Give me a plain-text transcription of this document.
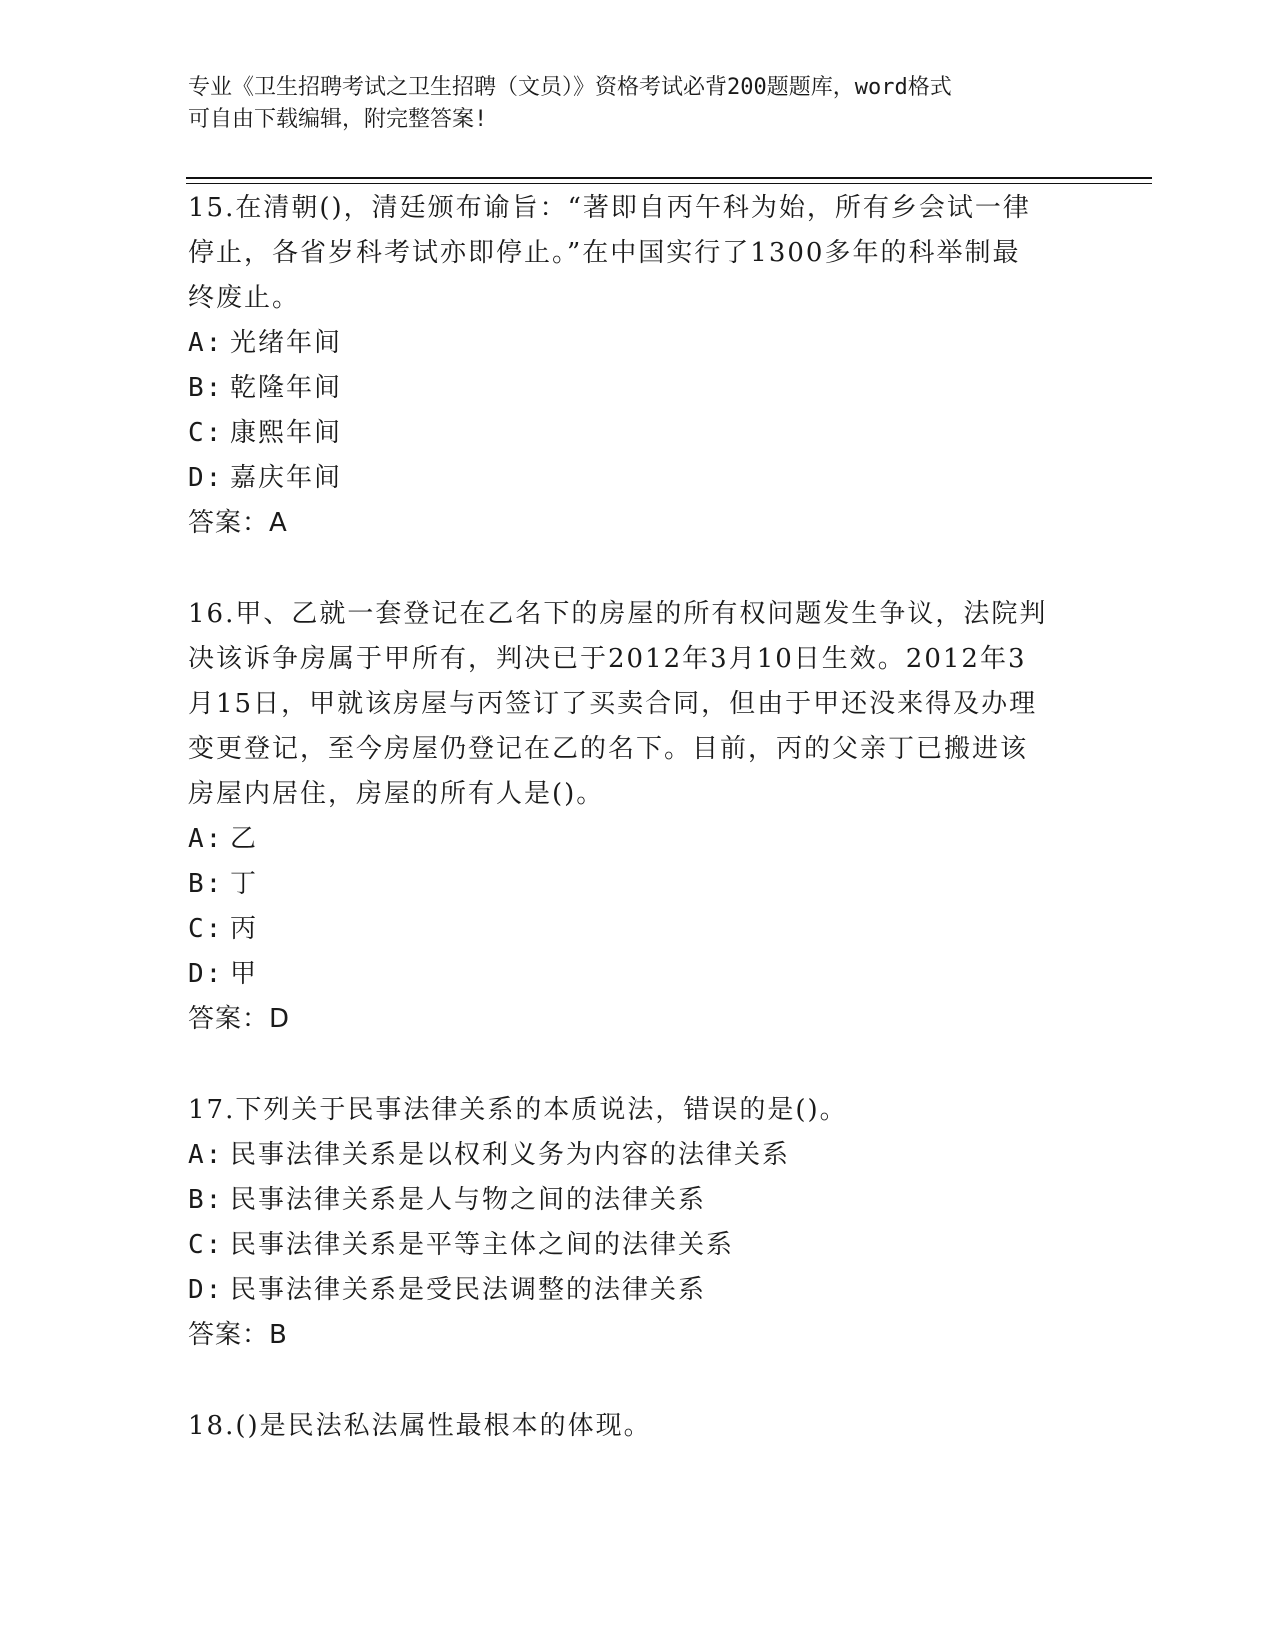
专业《卫生招聘考试之卫生招聘（文员）》资格考试必背200题题库，word格式
可自由下载编辑，附完整答案!

15.在清朝()，清廷颁布谕旨：“著即自丙午科为始，所有乡会试一律

停止，各省岁科考试亦即停止。”在中国实行了1300多年的科举制最

终废止。

A: 光绪年间

B: 乾隆年间

C: 康熙年间

D: 嘉庆年间

答案：A

16.甲、乙就一套登记在乙名下的房屋的所有权问题发生争议，法院判

决该诉争房属于甲所有，判决已于2012年3月10日生效。2012年3

月15日，甲就该房屋与丙签订了买卖合同，但由于甲还没来得及办理

变更登记，至今房屋仍登记在乙的名下。目前，丙的父亲丁已搬进该

房屋内居住，房屋的所有人是()。

A: 乙

B: 丁

C: 丙

D: 甲

答案：D

17.下列关于民事法律关系的本质说法，错误的是()。

A: 民事法律关系是以权利义务为内容的法律关系

B: 民事法律关系是人与物之间的法律关系

C: 民事法律关系是平等主体之间的法律关系

D: 民事法律关系是受民法调整的法律关系

答案：B

18.()是民法私法属性最根本的体现。
